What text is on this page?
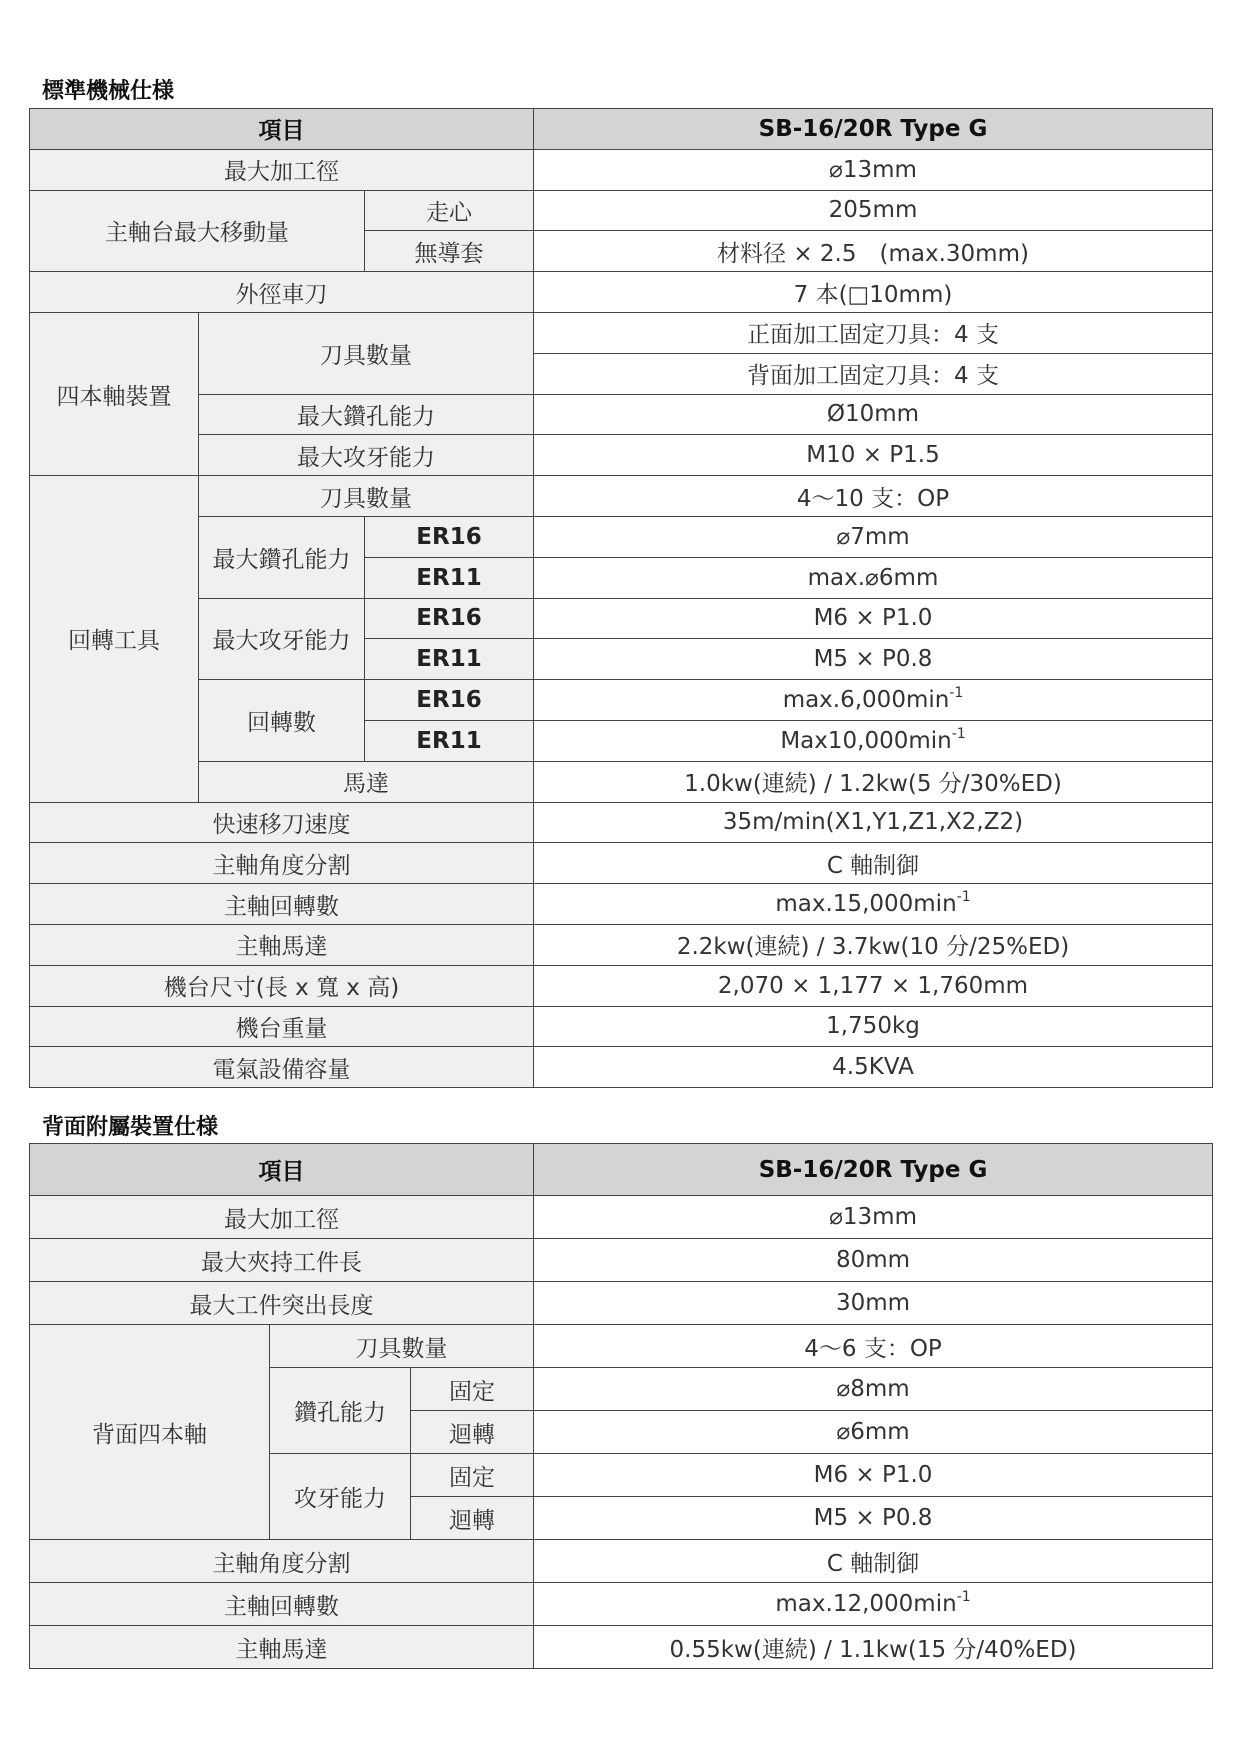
標準機械仕様
項目			SB-16/20R Type G
最大加工徑			⌀13mm
主軸台最大移動量		走心	205mm
		無導套	材料径 × 2.5　(max.30mm)
外徑車刀			7 本(□10mm)
四本軸裝置	刀具數量		正面加工固定刀具：4 支
			背面加工固定刀具：4 支
	最大鑽孔能力		Ø10mm
	最大攻牙能力		M10 × P1.5
回轉工具	刀具數量		4～10 支：OP
	最大鑽孔能力	ER16	⌀7mm
		ER11	max.⌀6mm
	最大攻牙能力	ER16	M6 × P1.0
		ER11	M5 × P0.8
	回轉數	ER16	$\max.6,000\min^{-1}$
		ER11	$Max10,000\min^{-1}$
	馬達		1.0kw(連続) / 1.2kw(5 分/30%ED)
快速移刀速度			35m/min(X1,Y1,Z1,X2,Z2)
主軸角度分割			C 軸制御
主軸回轉數			$\max.15,000\min^{-1}$
主軸馬達			2.2kw(連続) / 3.7kw(10 分/25%ED)
機台尺寸(長 x 寬 x 高)			2,070 × 1,177 × 1,760mm
機台重量			1,750kg
電氣設備容量			4.5KVA
背面附屬裝置仕様
項目			SB-16/20R Type G
最大加工徑			⌀13mm
最大夾持工件長			80mm
最大工件突出長度			30mm
背面四本軸	刀具數量		4～6 支：OP
	鑽孔能力	固定	⌀8mm
		迴轉	⌀6mm
	攻牙能力	固定	M6 × P1.0
		迴轉	M5 × P0.8
主軸角度分割			C 軸制御
主軸回轉數			$\max.12,000\min^{-1}$
主軸馬達			0.55kw(連続) / 1.1kw(15 分/40%ED)
